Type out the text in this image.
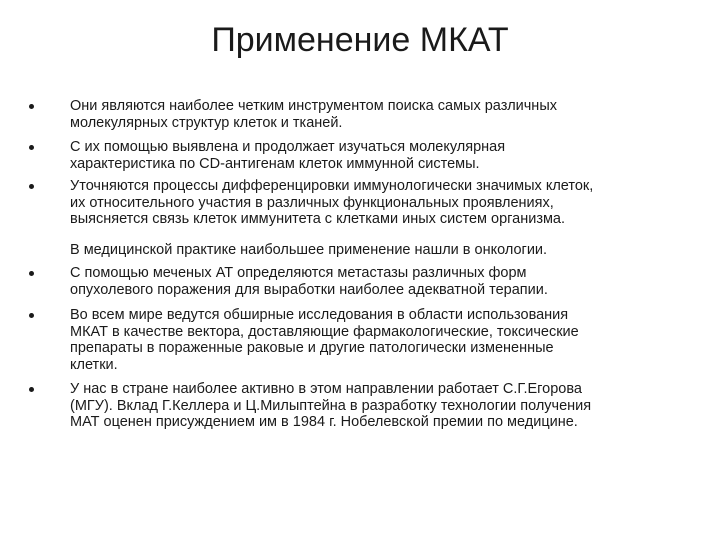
Применение МКАТ
Они являются наиболее четким инструментом поиска самых различных
молекулярных структур клеток и тканей.
С их помощью выявлена и продолжает изучаться молекулярная
характеристика по CD-антигенам клеток иммунной системы.
Уточняются процессы дифференцировки иммунологически значимых клеток,
их относительного участия в различных функциональных проявлениях,
выясняется связь клеток иммунитета с клетками иных систем организма.
В медицинской практике наибольшее применение нашли в онкологии.
С помощью меченых АТ определяются метастазы различных форм
опухолевого поражения для выработки наиболее адекватной терапии.
Во всем мире ведутся обширные исследования в области использования
МКАТ в качестве вектора, доставляющие фармакологические, токсические
препараты в пораженные раковые и другие патологически измененные
клетки.
У нас в стране наиболее активно в этом направлении работает С.Г.Егорова
(МГУ). Вклад Г.Келлера и Ц.Милыптейна в разработку технологии получения
МАТ оценен присуждением им в 1984 г. Нобелевской премии по медицине.
